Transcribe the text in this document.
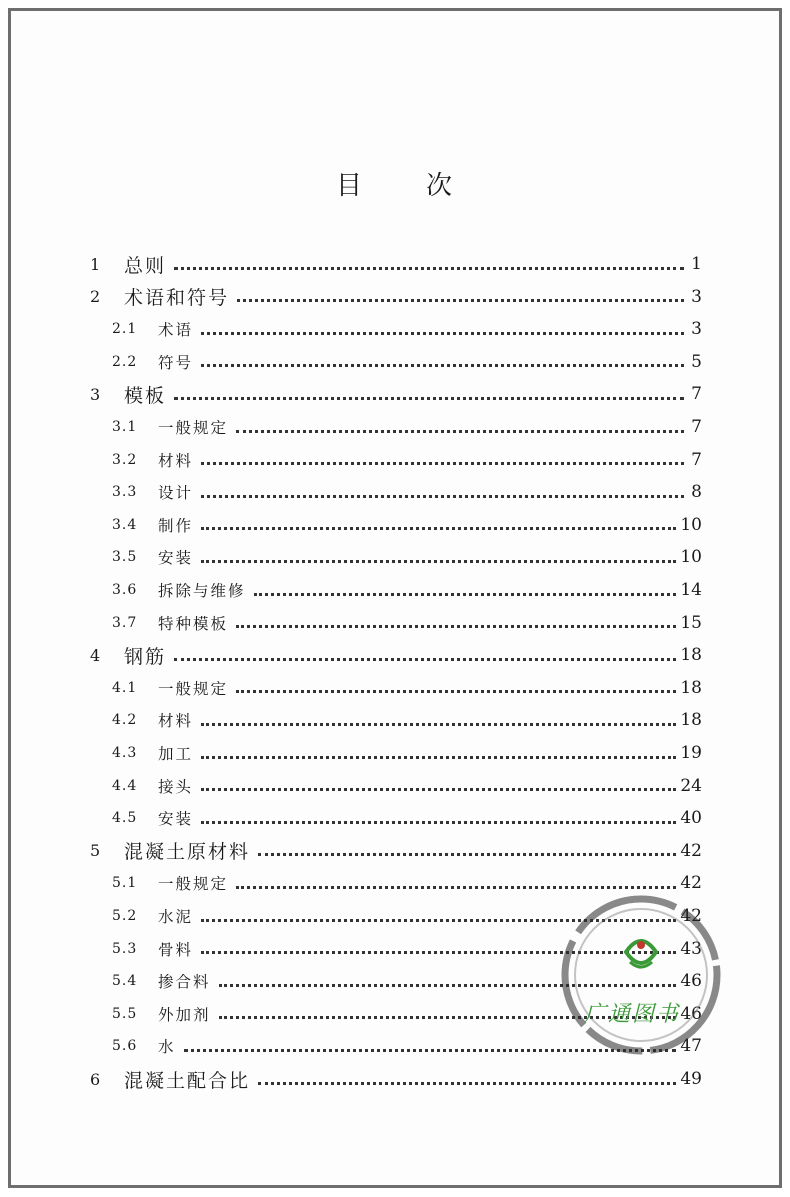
目 次
1	总则	1
2	术语和符号	3
2.1	术语	3
2.2	符号	5
3	模板	7
3.1	一般规定	7
3.2	材料	7
3.3	设计	8
3.4	制作	10
3.5	安装	10
3.6	拆除与维修	14
3.7	特种模板	15
4	钢筋	18
4.1	一般规定	18
4.2	材料	18
4.3	加工	19
4.4	接头	24
4.5	安装	40
5	混凝土原材料	42
5.1	一般规定	42
5.2	水泥	42
5.3	骨料	43
5.4	掺合料	46
5.5	外加剂	46
5.6	水	47
6	混凝土配合比	49
广通图书
